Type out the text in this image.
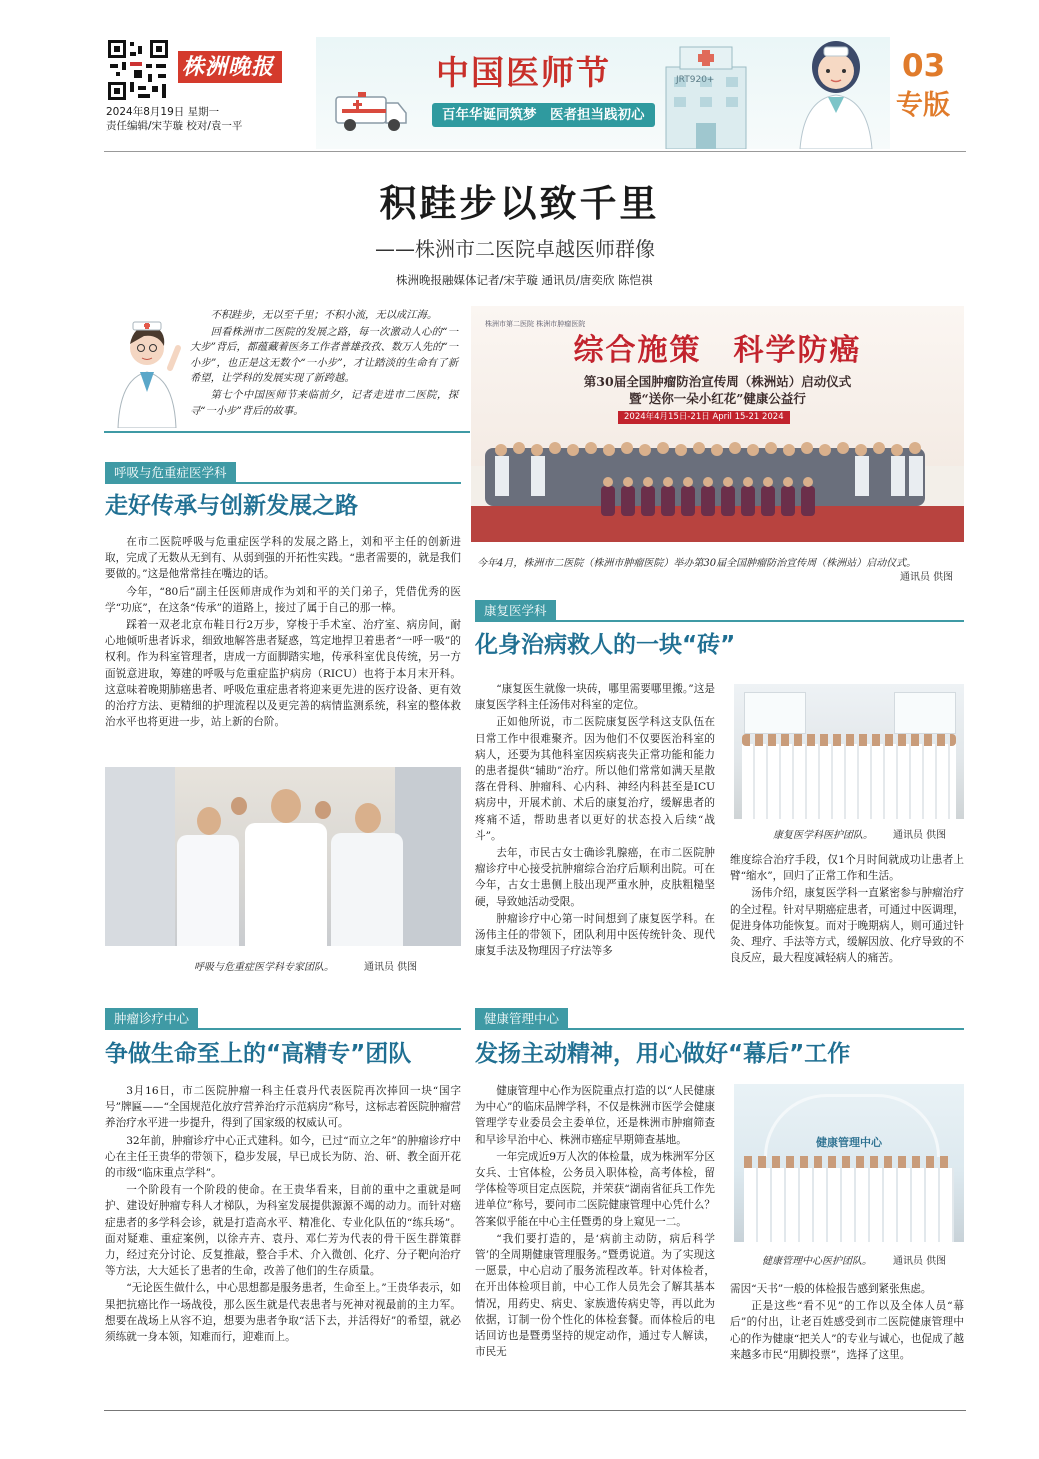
株洲晚报
2024年8月19日 星期一
责任编辑/宋芋璇 校对/袁一平
中国医师节
百年华诞同筑梦　医者担当践初心
JRT920+	03
专版
积跬步以致千里
——株洲市二医院卓越医师群像
株洲晚报融媒体记者/宋芋璇 通讯员/唐奕欣 陈恺祺

不积跬步，无以至千里；不积小流，无以成江海。

回看株洲市二医院的发展之路，每一次激动人心的“一大步”背后，都蕴藏着医务工作者普雄孜孜、数万人先的“一小步”，也正是这无数个“一小步”，才让踏淡的生命有了新希望，让学科的发展实现了新跨越。

第七个中国医师节来临前夕，记者走进市二医院，探寻“一小步”背后的故事。

株洲市第二医院 株洲市肿瘤医院
综合施策　科学防癌
第30届全国肿瘤防治宣传周（株洲站）启动仪式
暨“送你一朵小红花”健康公益行
2024年4月15日-21日 April 15-21 2024
今年4月，株洲市二医院（株洲市肿瘤医院）举办第30届全国肿瘤防治宣传周（株洲站）启动仪式。
通讯员 供图
呼吸与危重症医学科
走好传承与创新发展之路

在市二医院呼吸与危重症医学科的发展之路上，刘和平主任的创新进取，完成了无数从无到有、从弱到强的开拓性实践。“患者需要的，就是我们要做的。”这是他常常挂在嘴边的话。

今年，“80后”副主任医师唐成作为刘和平的关门弟子，凭借优秀的医学“功底”，在这条“传承”的道路上，接过了属于自己的那一棒。

踩着一双老北京布鞋日行2万步，穿梭于手术室、治疗室、病房间，耐心地倾听患者诉求，细致地解答患者疑惑，笃定地捍卫着患者“一呼一吸”的权利。作为科室管理者，唐成一方面脚踏实地，传承科室优良传统，另一方面锐意进取，筹建的呼吸与危重症监护病房（RICU）也将于本月末开科。这意味着晚期肺癌患者、呼吸危重症患者将迎来更先进的医疗设备、更有效的治疗方法、更精细的护理流程以及更完善的病情监测系统，科室的整体救治水平也将更进一步，站上新的台阶。

呼吸与危重症医学科专家团队。	通讯员 供图
康复医学科
化身治病救人的一块“砖”

“康复医生就像一块砖，哪里需要哪里搬。”这是康复医学科主任汤伟对科室的定位。

正如他所说，市二医院康复医学科这支队伍在日常工作中很难聚齐。因为他们不仅要医治科室的病人，还要为其他科室因疾病丧失正常功能和能力的患者提供“辅助”治疗。所以他们常常如满天星散落在骨科、肿瘤科、心内科、神经内科甚至是ICU病房中，开展术前、术后的康复治疗，缓解患者的疼痛不适，帮助患者以更好的状态投入后续“战斗”。

去年，市民古女士确诊乳腺癌，在市二医院肿瘤诊疗中心接受抗肿瘤综合治疗后顺利出院。可在今年，古女士患侧上肢出现严重水肿，皮肤粗糙坚硬，导致她活动受限。

肿瘤诊疗中心第一时间想到了康复医学科。在汤伟主任的带领下，团队利用中医传统针灸、现代康复手法及物理因子疗法等多

康复医学科医护团队。 通讯员 供图

维度综合治疗手段，仅1个月时间就成功让患者上臂“缩水”，回归了正常工作和生活。

汤伟介绍，康复医学科一直紧密参与肿瘤治疗的全过程。针对早期癌症患者，可通过中医调理，促进身体功能恢复。而对于晚期病人，则可通过针灸、理疗、手法等方式，缓解因放、化疗导致的不良反应，最大程度减轻病人的痛苦。

肿瘤诊疗中心
争做生命至上的“高精专”团队

3月16日，市二医院肿瘤一科主任袁丹代表医院再次捧回一块“国字号”牌匾——“全国规范化放疗营养治疗示范病房”称号，这标志着医院肿瘤营养治疗水平进一步提升，得到了国家级的权威认可。

32年前，肿瘤诊疗中心正式建科。如今，已过“而立之年”的肿瘤诊疗中心在主任王贵华的带领下，稳步发展，早已成长为防、治、研、教全面开花的市级“临床重点学科”。

一个阶段有一个阶段的使命。在王贵华看来，目前的重中之重就是呵护、建设好肿瘤专科人才梯队，为科室发展提供源源不竭的动力。而针对癌症患者的多学科会诊，就是打造高水平、精准化、专业化队伍的“练兵场”。面对疑难、重症案例，以徐卉卉、袁丹、邓仁芳为代表的骨干医生群策群力，经过充分讨论、反复推敲，整合手术、介入微创、化疗、分子靶向治疗等方法，大大延长了患者的生命，改善了他们的生存质量。

“无论医生做什么，中心思想都是服务患者，生命至上。”王贵华表示，如果把抗癌比作一场战役，那么医生就是代表患者与死神对视最前的主力军。想要在战场上从容不迫，想要为患者争取“活下去，并活得好”的希望，就必须练就一身本领，知难而行，迎难而上。

健康管理中心
发扬主动精神，用心做好“幕后”工作

健康管理中心作为医院重点打造的以“人民健康为中心”的临床品牌学科，不仅是株洲市医学会健康管理学专业委员会主委单位，还是株洲市肿瘤筛查和早诊早治中心、株洲市癌症早期筛查基地。

一年完成近9万人次的体检量，成为株洲军分区女兵、士官体检，公务员入职体检，高考体检，留学体检等项目定点医院，并荣获“湖南省征兵工作先进单位”称号，要问市二医院健康管理中心凭什么？答案似乎能在中心主任暨勇的身上窥见一二。

“我们要打造的，是‘病前主动防，病后科学管’的全周期健康管理服务。”暨勇说道。为了实现这一愿景，中心启动了服务流程改革。针对体检者，在开出体检项目前，中心工作人员先会了解其基本情况，用药史、病史、家族遗传病史等，再以此为依据，订制一份个性化的体检套餐。而体检后的电话回访也是暨勇坚持的规定动作，通过专人解读，市民无

健康管理中心
健康管理中心医护团队。 通讯员 供图

需因“天书”一般的体检报告感到紧张焦虑。

正是这些“看不见”的工作以及全体人员“幕后”的付出，让老百姓感受到市二医院健康管理中心的作为健康“把关人”的专业与诚心，也促成了越来越多市民“用脚投票”，选择了这里。
